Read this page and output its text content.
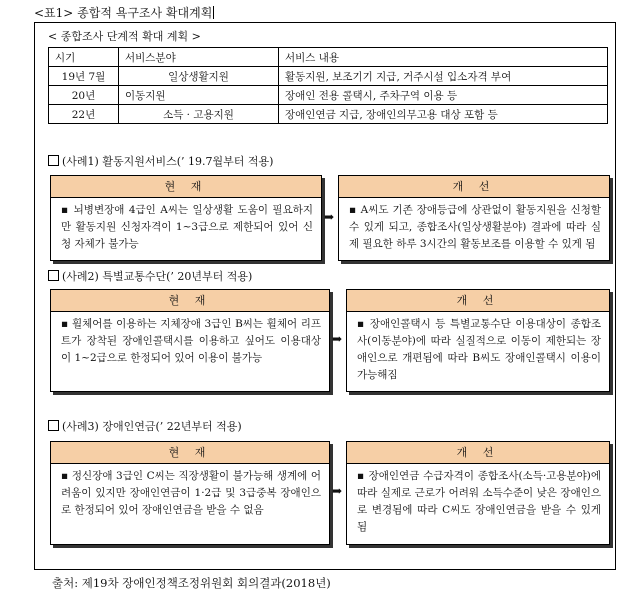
<표1> 종합적 욕구조사 확대계획
< 종합조사 단계적 확대 계획 >
시기	서비스분야	서비스 내용
19년 7월	일상생활지원	활동지원, 보조기기 지급, 거주시설 입소자격 부여
20년	이동지원	장애인 전용 콜택시, 주차구역 이용 등
22년	소득 · 고용지원	장애인연금 지급, 장애인의무고용 대상 포함 등
(사례1) 활동지원서비스(’ 19.7월부터 적용)
현 재
▪ 뇌병변장애 4급인 A씨는 일상생활 도움이 필요하지만 활동지원 신청자격이 1~3급으로 제한되어 있어 신청 자체가 불가능
➡
개 선
▪ A씨도 기존 장애등급에 상관없이 활동지원을 신청할 수 있게 되고, 종합조사(일상생활분야) 결과에 따라 실제 필요한 하루 3시간의 활동보조를 이용할 수 있게 됨
(사례2) 특별교통수단(’ 20년부터 적용)
현 재
▪ 휠체어를 이용하는 지체장애 3급인 B씨는 휠체어 리프트가 장착된 장애인콜택시를 이용하고 싶어도 이용대상이 1~2급으로 한정되어 있어 이용이 불가능
➡
개 선
▪ 장애인콜택시 등 특별교통수단 이용대상이 종합조사(이동분야)에 따라 실질적으로 이동이 제한되는 장애인으로 개편됨에 따라 B씨도 장애인콜택시 이용이 가능해짐
(사례3) 장애인연금(’ 22년부터 적용)
현 재
▪ 정신장애 3급인 C씨는 직장생활이 불가능해 생계에 어려움이 있지만 장애인연금이 1·2급 및 3급중복 장애인으로 한정되어 있어 장애인연금을 받을 수 없음
➡
개 선
▪ 장애인연금 수급자격이 종합조사(소득·고용분야)에 따라 실제로 근로가 어려워 소득수준이 낮은 장애인으로 변경됨에 따라 C씨도 장애인연금을 받을 수 있게 됨
출처: 제19차 장애인정책조정위원회 회의결과(2018년)
